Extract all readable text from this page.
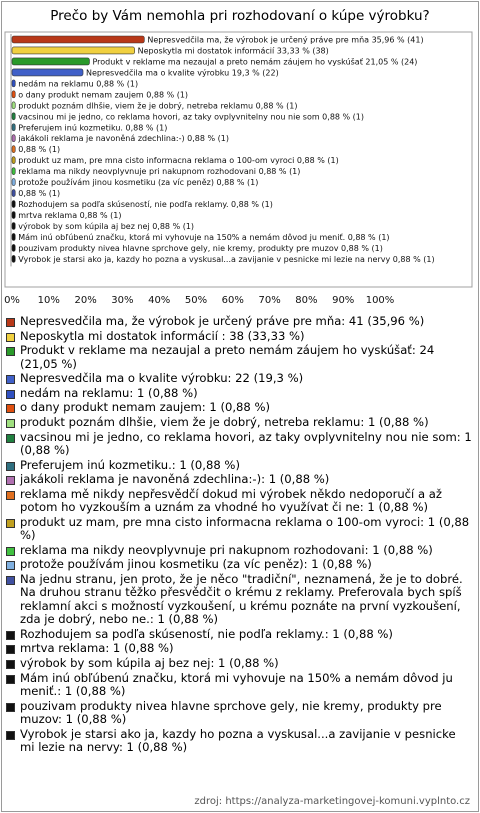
Prečo by Vám nemohla pri rozhodovaní o kúpe výrobku?
Nepresvedčila ma, že výrobok je určený práve pre mňa 35,96 % (41)
Neposkytla mi dostatok informácií 33,33 % (38)
Produkt v reklame ma nezaujal a preto nemám záujem ho vyskúšať 21,05 % (24)
Nepresvedčila ma o kvalite výrobku 19,3 % (22)
nedám na reklamu 0,88 % (1)
o dany produkt nemam zaujem 0,88 % (1)
produkt poznám dlhšie, viem že je dobrý, netreba reklamu 0,88 % (1)
vacsinou mi je jedno, co reklama hovori, az taky ovplyvnitelny nou nie som 0,88 % (1)
Preferujem inú kozmetiku. 0,88 % (1)
jakákoli reklama je navoněná zdechlina:-) 0,88 % (1)
0,88 % (1)
produkt uz mam, pre mna cisto informacna reklama o 100-om vyroci 0,88 % (1)
reklama ma nikdy neovplyvnuje pri nakupnom rozhodovani 0,88 % (1)
protože používám jinou kosmetiku (za víc peněz) 0,88 % (1)
0,88 % (1)
Rozhodujem sa podľa skúseností, nie podľa reklamy. 0,88 % (1)
mrtva reklama 0,88 % (1)
výrobok by som kúpila aj bez nej 0,88 % (1)
Mám inú obľúbenú značku, ktorá mi vyhovuje na 150% a nemám dôvod ju meniť. 0,88 % (1)
pouzivam produkty nivea hlavne sprchove gely, nie kremy, produkty pre muzov 0,88 % (1)
Vyrobok je starsi ako ja, kazdy ho pozna a vyskusal...a zavijanie v pesnicke mi lezie na nervy 0,88 % (1)
0% 10% 20% 30% 40% 50% 60% 70% 80% 90% 100%
Nepresvedčila ma, že výrobok je určený práve pre mňa: 41 (35,96 %)
Neposkytla mi dostatok informácií : 38 (33,33 %)
Produkt v reklame ma nezaujal a preto nemám záujem ho vyskúšať: 24 (21,05 %)
Nepresvedčila ma o kvalite výrobku: 22 (19,3 %)
nedám na reklamu: 1 (0,88 %)
o dany produkt nemam zaujem: 1 (0,88 %)
produkt poznám dlhšie, viem že je dobrý, netreba reklamu: 1 (0,88 %)
vacsinou mi je jedno, co reklama hovori, az taky ovplyvnitelny nou nie som: 1 (0,88 %)
Preferujem inú kozmetiku.: 1 (0,88 %)
jakákoli reklama je navoněná zdechlina:-): 1 (0,88 %)
reklama mě nikdy nepřesvědčí dokud mi výrobek někdo nedoporučí a až potom ho vyzkouším a uznám za vhodné ho využívat či ne: 1 (0,88 %)
produkt uz mam, pre mna cisto informacna reklama o 100-om vyroci: 1 (0,88 %)
reklama ma nikdy neovplyvnuje pri nakupnom rozhodovani: 1 (0,88 %)
protože používám jinou kosmetiku (za víc peněz): 1 (0,88 %)
Na jednu stranu, jen proto, že je něco "tradiční", neznamená, že je to dobré. Na druhou stranu těžko přesvědčit o krému z reklamy. Preferovala bych spíš reklamní akci s možností vyzkoušení, u krému poznáte na první vyzkoušení, zda je dobrý, nebo ne.: 1 (0,88 %)
Rozhodujem sa podľa skúseností, nie podľa reklamy.: 1 (0,88 %)
mrtva reklama: 1 (0,88 %)
výrobok by som kúpila aj bez nej: 1 (0,88 %)
Mám inú obľúbenú značku, ktorá mi vyhovuje na 150% a nemám dôvod ju meniť.: 1 (0,88 %)
pouzivam produkty nivea hlavne sprchove gely, nie kremy, produkty pre muzov: 1 (0,88 %)
Vyrobok je starsi ako ja, kazdy ho pozna a vyskusal...a zavijanie v pesnicke mi lezie na nervy: 1 (0,88 %)
zdroj: https://analyza-marketingovej-komuni.vyplnto.cz
